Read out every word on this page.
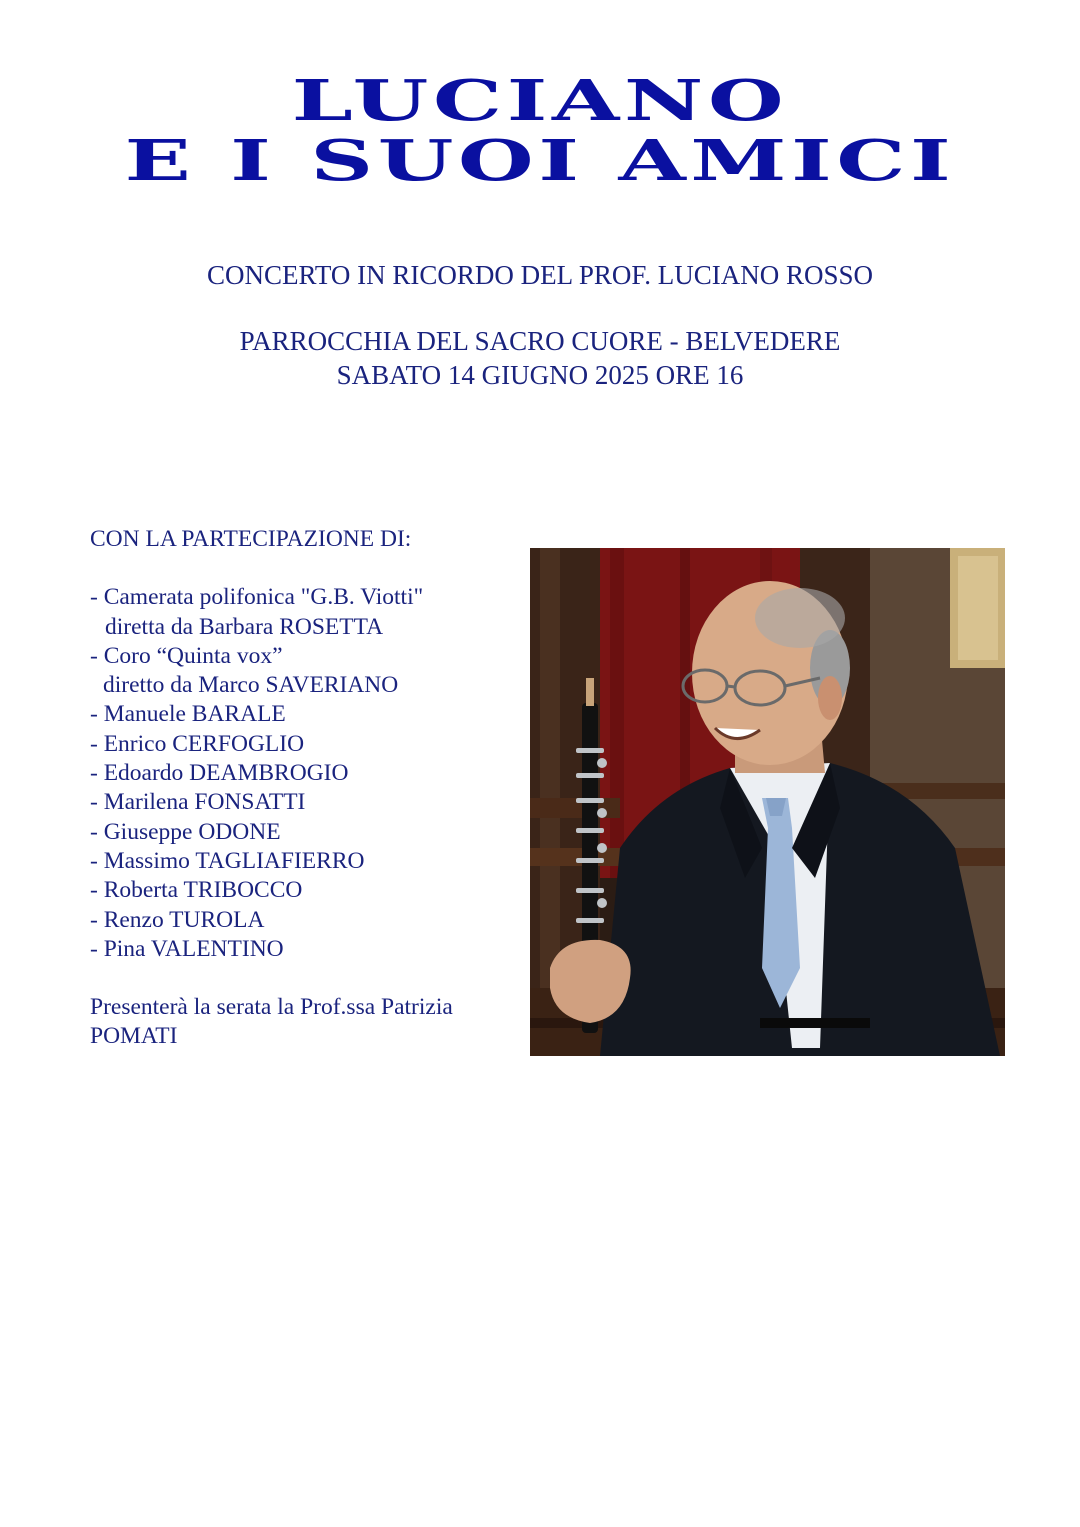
LUCIANO
E I SUOI AMICI
CONCERTO IN RICORDO DEL PROF. LUCIANO ROSSO
PARROCCHIA DEL SACRO CUORE - BELVEDERE
SABATO 14 GIUGNO 2025 ORE 16
CON LA PARTECIPAZIONE DI:
- Camerata polifonica "G.B. Viotti"
diretta da Barbara ROSETTA
- Coro “Quinta vox”
diretto da Marco SAVERIANO
- Manuele BARALE
- Enrico CERFOGLIO
- Edoardo DEAMBROGIO
- Marilena FONSATTI
- Giuseppe ODONE
- Massimo TAGLIAFIERRO
- Roberta TRIBOCCO
- Renzo TUROLA
- Pina VALENTINO
Presenterà la serata la Prof.ssa Patrizia POMATI
